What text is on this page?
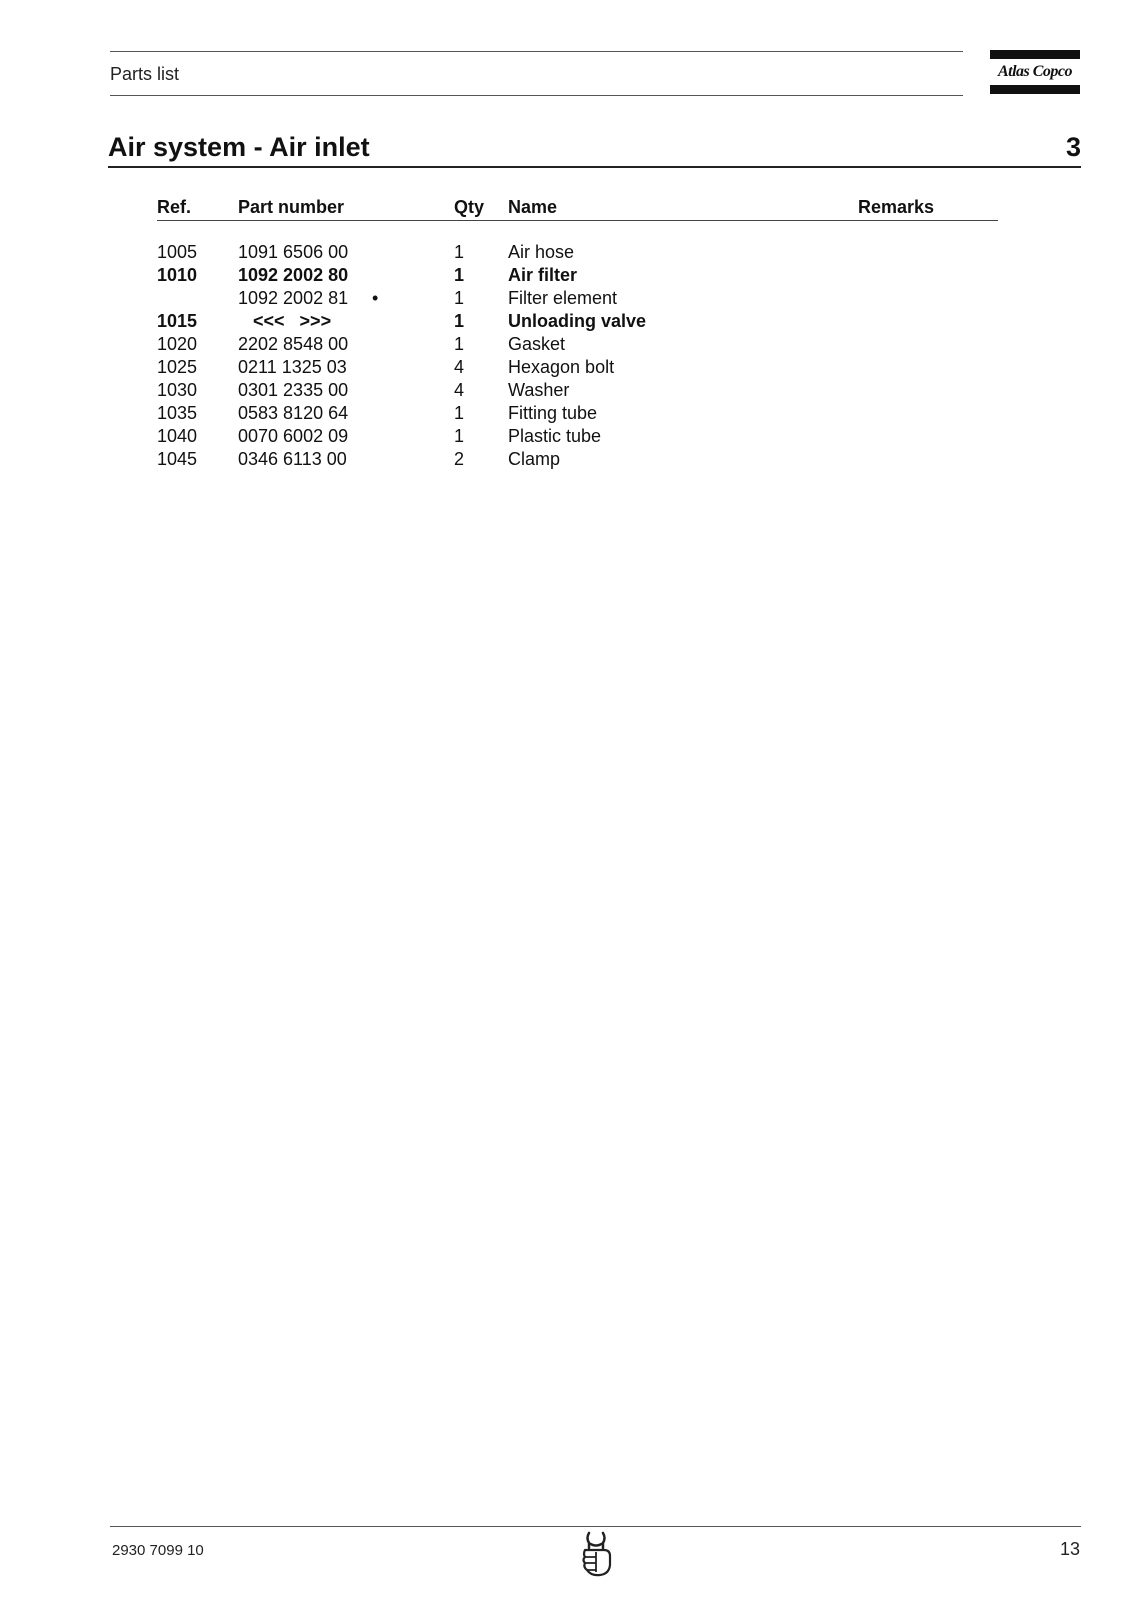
Parts list	Atlas Copco
Air system - Air inlet	3
Ref.	Part number	Qty Name	Remarks
1005 1091 6506 00	1 Air hose
1010 1092 2002 80	1 Air filter
1092 2002 81 •	1 Filter element
1015 <<<   >>>	1 Unloading valve
1020 2202 8548 00	1 Gasket
1025 0211 1325 03	4 Hexagon bolt
1030 0301 2335 00	4 Washer
1035 0583 8120 64	1 Fitting tube
1040 0070 6002 09	1 Plastic tube
1045 0346 6113 00	2 Clamp
2930 7099 10	13
